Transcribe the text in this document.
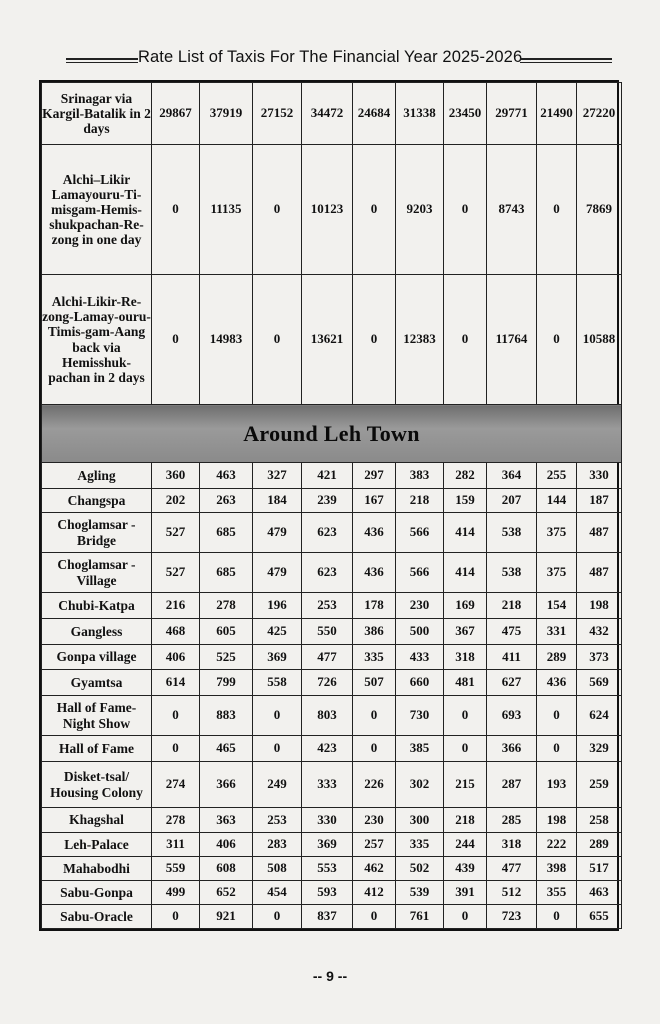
Rate List of Taxis For The Financial Year 2025-2026
Srinagar via Kargil-Batalik in 2 days	29867	37919	27152	34472	24684	31338	23450	29771	21490	27220
Alchi–Likir Lamayouru-Ti-misgam-Hemis-shukpachan-Re-zong in one day	0	11135	0	10123	0	9203	0	8743	0	7869
Alchi-Likir-Re-zong-Lamay-ouru-Timis-gam-Aang back via Hemisshuk-pachan in 2 days	0	14983	0	13621	0	12383	0	11764	0	10588
Around Leh Town										
Agling	360	463	327	421	297	383	282	364	255	330
Changspa	202	263	184	239	167	218	159	207	144	187
Choglamsar - Bridge	527	685	479	623	436	566	414	538	375	487
Choglamsar -Village	527	685	479	623	436	566	414	538	375	487
Chubi-Katpa	216	278	196	253	178	230	169	218	154	198
Gangless	468	605	425	550	386	500	367	475	331	432
Gonpa village	406	525	369	477	335	433	318	411	289	373
Gyamtsa	614	799	558	726	507	660	481	627	436	569
Hall of Fame-Night Show	0	883	0	803	0	730	0	693	0	624
Hall of Fame	0	465	0	423	0	385	0	366	0	329
Disket-tsal/ Housing Colony	274	366	249	333	226	302	215	287	193	259
Khagshal	278	363	253	330	230	300	218	285	198	258
Leh-Palace	311	406	283	369	257	335	244	318	222	289
Mahabodhi	559	608	508	553	462	502	439	477	398	517
Sabu-Gonpa	499	652	454	593	412	539	391	512	355	463
Sabu-Oracle	0	921	0	837	0	761	0	723	0	655
-- 9 --
